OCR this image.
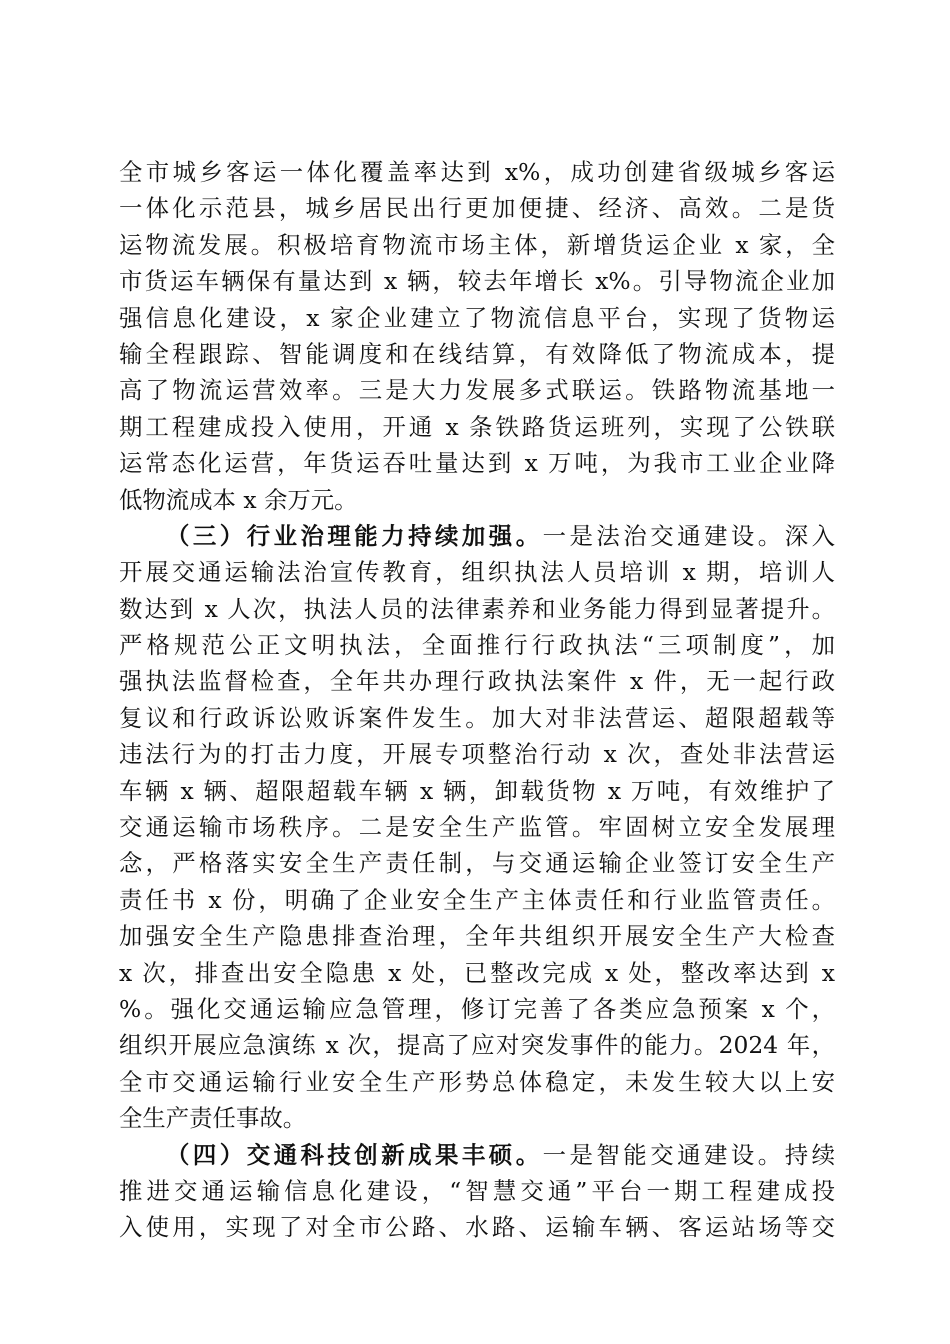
全市城乡客运一体化覆盖率达到 x%，成功创建省级城乡客运
一体化示范县，城乡居民出行更加便捷、经济、高效。二是货
运物流发展。积极培育物流市场主体，新增货运企业 x 家，全
市货运车辆保有量达到 x 辆，较去年增长 x%。引导物流企业加
强信息化建设，x 家企业建立了物流信息平台，实现了货物运
输全程跟踪、智能调度和在线结算，有效降低了物流成本，提
高了物流运营效率。三是大力发展多式联运。铁路物流基地一
期工程建成投入使用，开通 x 条铁路货运班列，实现了公铁联
运常态化运营，年货运吞吐量达到 x 万吨，为我市工业企业降
低物流成本 x 余万元。
（三）行业治理能力持续加强。一是法治交通建设。深入
开展交通运输法治宣传教育，组织执法人员培训 x 期，培训人
数达到 x 人次，执法人员的法律素养和业务能力得到显著提升。
严格规范公正文明执法，全面推行行政执法“三项制度”，加
强执法监督检查，全年共办理行政执法案件 x 件，无一起行政
复议和行政诉讼败诉案件发生。加大对非法营运、超限超载等
违法行为的打击力度，开展专项整治行动 x 次，查处非法营运
车辆 x 辆、超限超载车辆 x 辆，卸载货物 x 万吨，有效维护了
交通运输市场秩序。二是安全生产监管。牢固树立安全发展理
念，严格落实安全生产责任制，与交通运输企业签订安全生产
责任书 x 份，明确了企业安全生产主体责任和行业监管责任。
加强安全生产隐患排查治理，全年共组织开展安全生产大检查
x 次，排查出安全隐患 x 处，已整改完成 x 处，整改率达到 x
%。强化交通运输应急管理，修订完善了各类应急预案 x 个，
组织开展应急演练 x 次，提高了应对突发事件的能力。2024 年，
全市交通运输行业安全生产形势总体稳定，未发生较大以上安
全生产责任事故。
（四）交通科技创新成果丰硕。一是智能交通建设。持续
推进交通运输信息化建设，“智慧交通”平台一期工程建成投
入使用，实现了对全市公路、水路、运输车辆、客运站场等交
